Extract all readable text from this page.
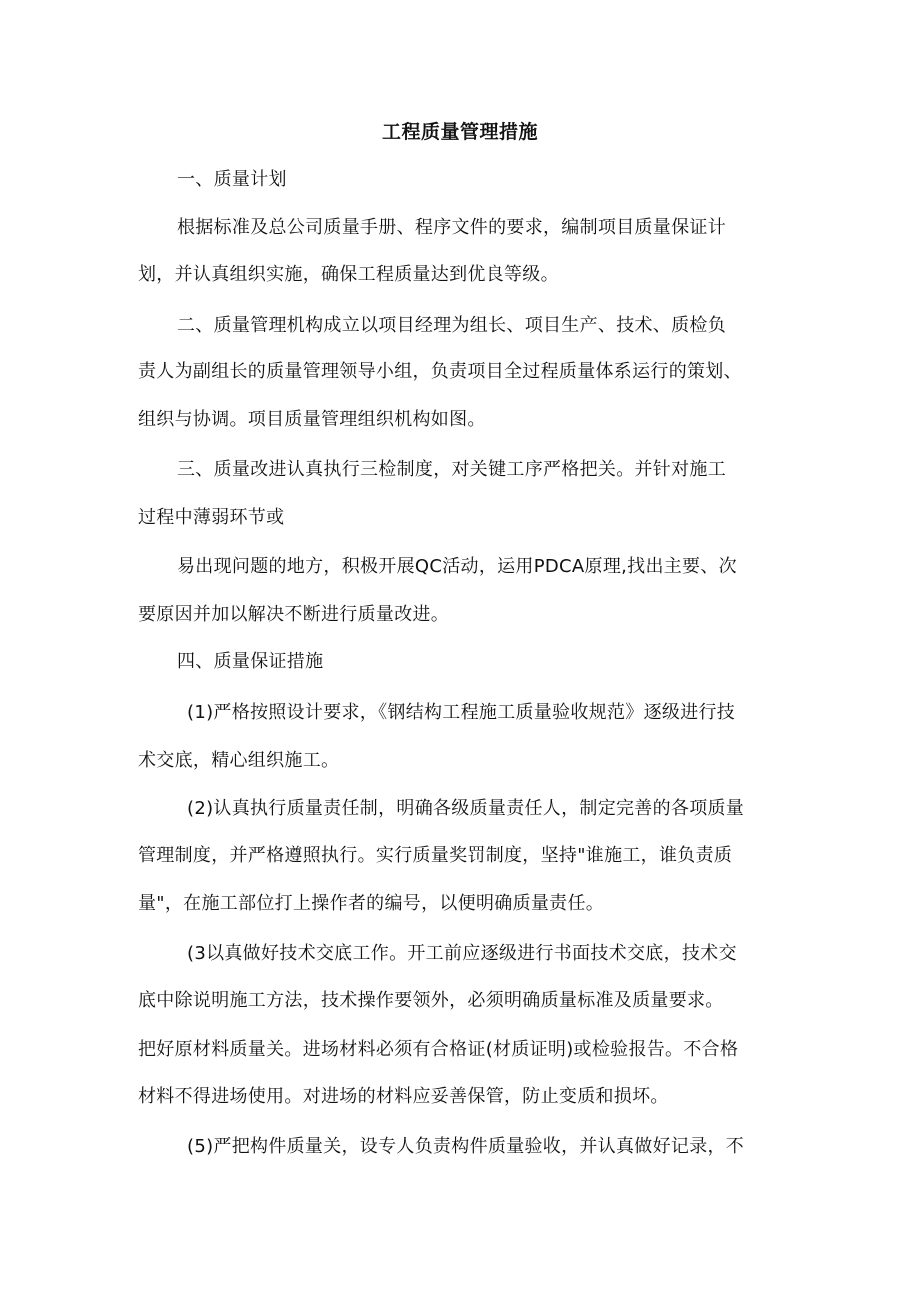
工程质量管理措施
一、质量计划
根据标准及总公司质量手册、程序文件的要求，编制项目质量保证计
划，并认真组织实施，确保工程质量达到优良等级。
二、质量管理机构成立以项目经理为组长、项目生产、技术、质检负
责人为副组长的质量管理领导小组，负责项目全过程质量体系运行的策划、
组织与协调。项目质量管理组织机构如图。
三、质量改进认真执行三检制度，对关键工序严格把关。并针对施工
过程中薄弱环节或
易出现问题的地方，积极开展QC活动，运用PDCA原理,找出主要、次
要原因并加以解决不断进行质量改进。
四、质量保证措施
(1)严格按照设计要求，《钢结构工程施工质量验收规范》逐级进行技
术交底，精心组织施工。
(2)认真执行质量责任制，明确各级质量责任人，制定完善的各项质量
管理制度，并严格遵照执行。实行质量奖罚制度，坚持"谁施工，谁负责质
量"，在施工部位打上操作者的编号，以便明确质量责任。
(3以真做好技术交底工作。开工前应逐级进行书面技术交底，技术交
底中除说明施工方法，技术操作要领外，必须明确质量标准及质量要求。
把好原材料质量关。进场材料必须有合格证(材质证明)或检验报告。不合格
材料不得进场使用。对进场的材料应妥善保管，防止变质和损坏。
(5)严把构件质量关，设专人负责构件质量验收，并认真做好记录，不
